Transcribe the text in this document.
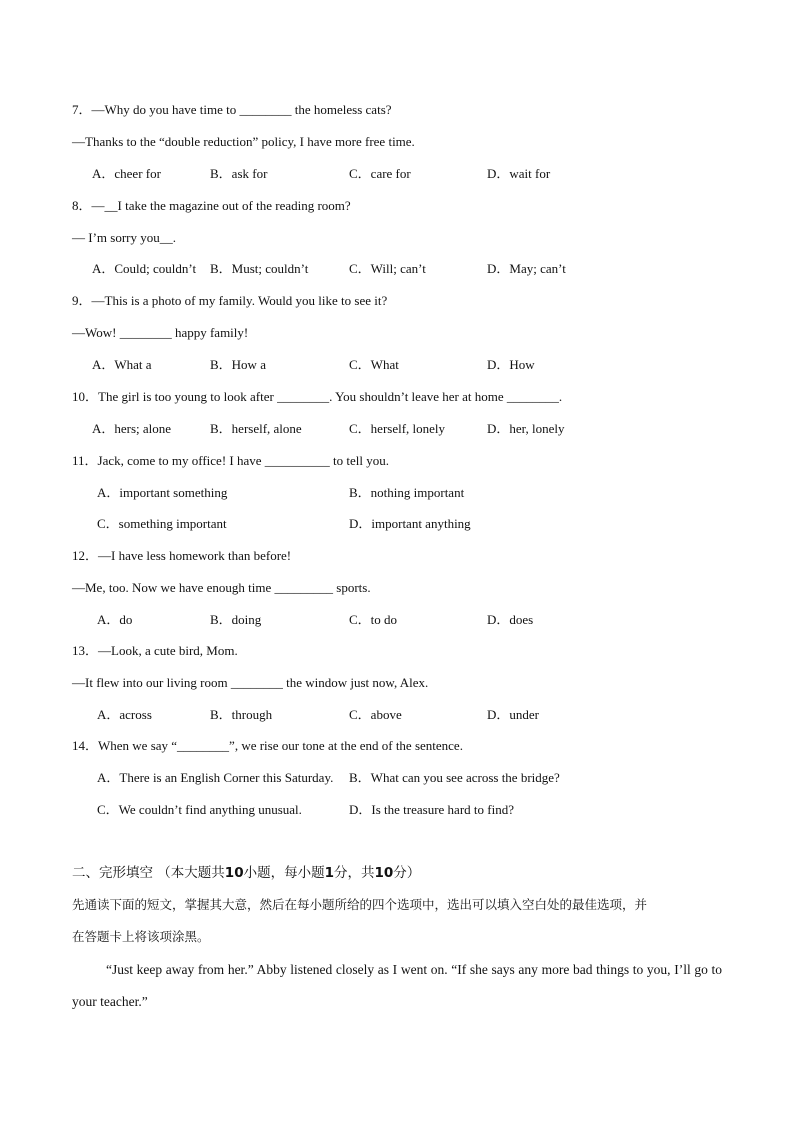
7．—Why do you have time to ________ the homeless cats?
—Thanks to the “double reduction” policy, I have more free time.
A．cheer for	B．ask for	C．care for	D．wait for
8．—__I take the magazine out of the reading room?
— I’m sorry you__.
A．Could; couldn’t B．Must; couldn’t	C．Will; can’t	D．May; can’t
9．—This is a photo of my family. Would you like to see it?
—Wow! ________ happy family!
A．What a	B．How a	C．What	D．How
10．The girl is too young to look after ________. You shouldn’t leave her at home ________.
A．hers; alone	B．herself, alone	C．herself, lonely	D．her, lonely
11．Jack, come to my office! I have __________ to tell you.
A．important something	B．nothing important
C．something important	D．important anything
12．—I have less homework than before!
—Me, too. Now we have enough time _________ sports.
A．do	B．doing	C．to do	D．does
13．—Look, a cute bird, Mom.
—It flew into our living room ________ the window just now, Alex.
A．across	B．through	C．above	D．under
14．When we say “________”, we rise our tone at the end of the sentence.
A．There is an English Corner this Saturday. B．What can you see across the bridge?
C．We couldn’t find anything unusual.	D．Is the treasure hard to find?
二、完形填空 （本大题共10小题，每小题1分，共10分）
先通读下面的短文，掌握其大意，然后在每小题所给的四个选项中，选出可以填入空白处的最佳选项，并
在答题卡上将该项涂黑。
“Just keep away from her.” Abby listened closely as I went on. “If she says any more bad things to you, I’ll go to your teacher.”
